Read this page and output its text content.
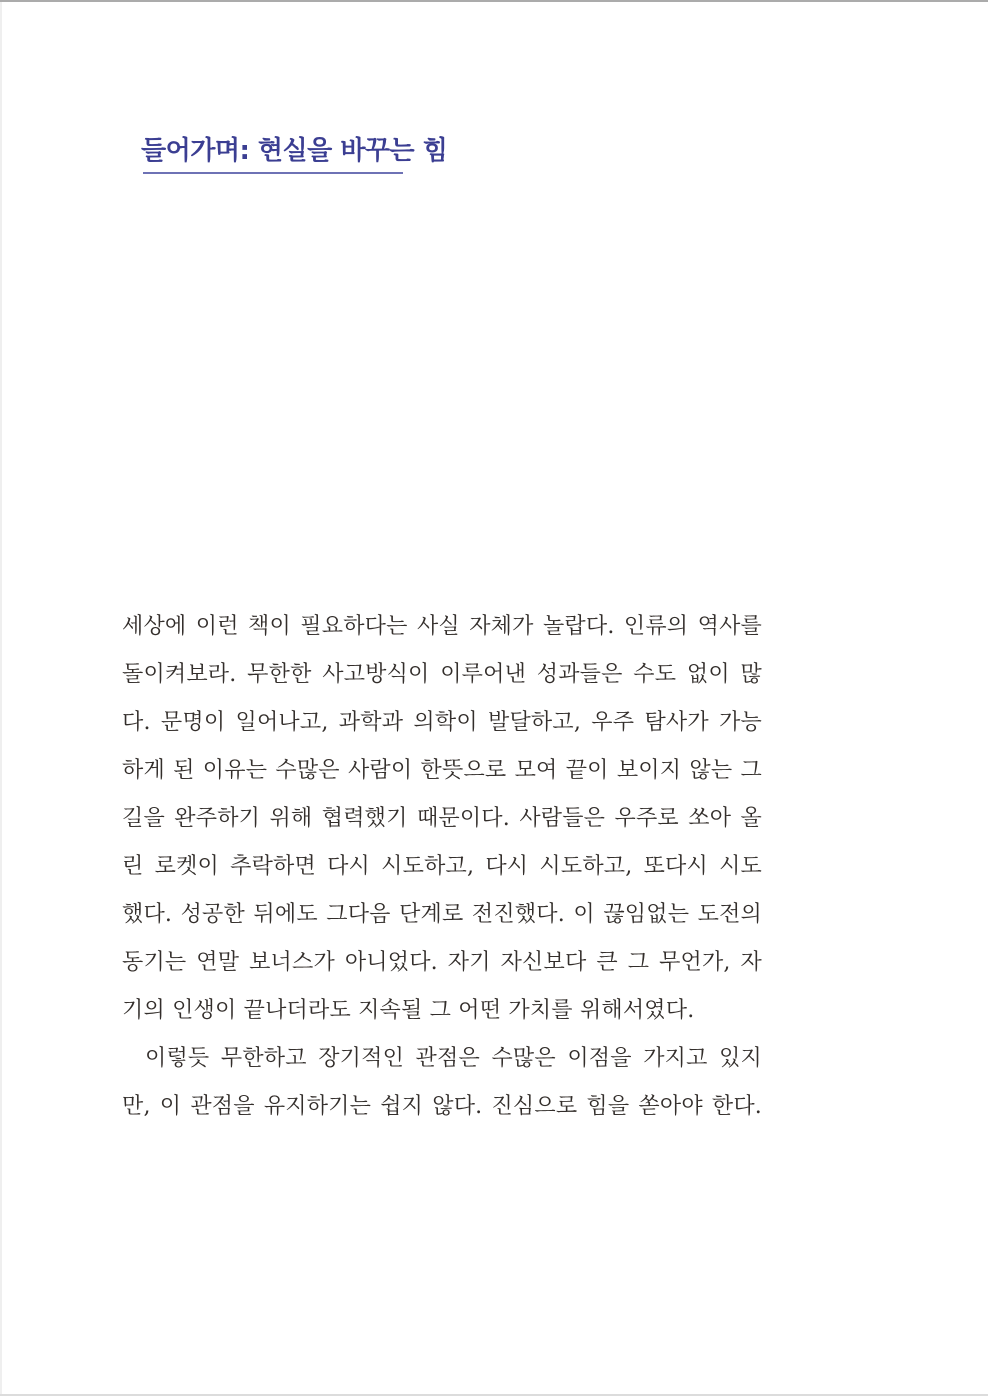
들어가며: 현실을 바꾸는 힘
세상에 이런 책이 필요하다는 사실 자체가 놀랍다. 인류의 역사를
돌이켜보라. 무한한 사고방식이 이루어낸 성과들은 수도 없이 많
다. 문명이 일어나고, 과학과 의학이 발달하고, 우주 탐사가 가능
하게 된 이유는 수많은 사람이 한뜻으로 모여 끝이 보이지 않는 그
길을 완주하기 위해 협력했기 때문이다. 사람들은 우주로 쏘아 올
린 로켓이 추락하면 다시 시도하고, 다시 시도하고, 또다시 시도
했다. 성공한 뒤에도 그다음 단계로 전진했다. 이 끊임없는 도전의
동기는 연말 보너스가 아니었다. 자기 자신보다 큰 그 무언가, 자
기의 인생이 끝나더라도 지속될 그 어떤 가치를 위해서였다.
이렇듯 무한하고 장기적인 관점은 수많은 이점을 가지고 있지
만, 이 관점을 유지하기는 쉽지 않다. 진심으로 힘을 쏟아야 한다.
